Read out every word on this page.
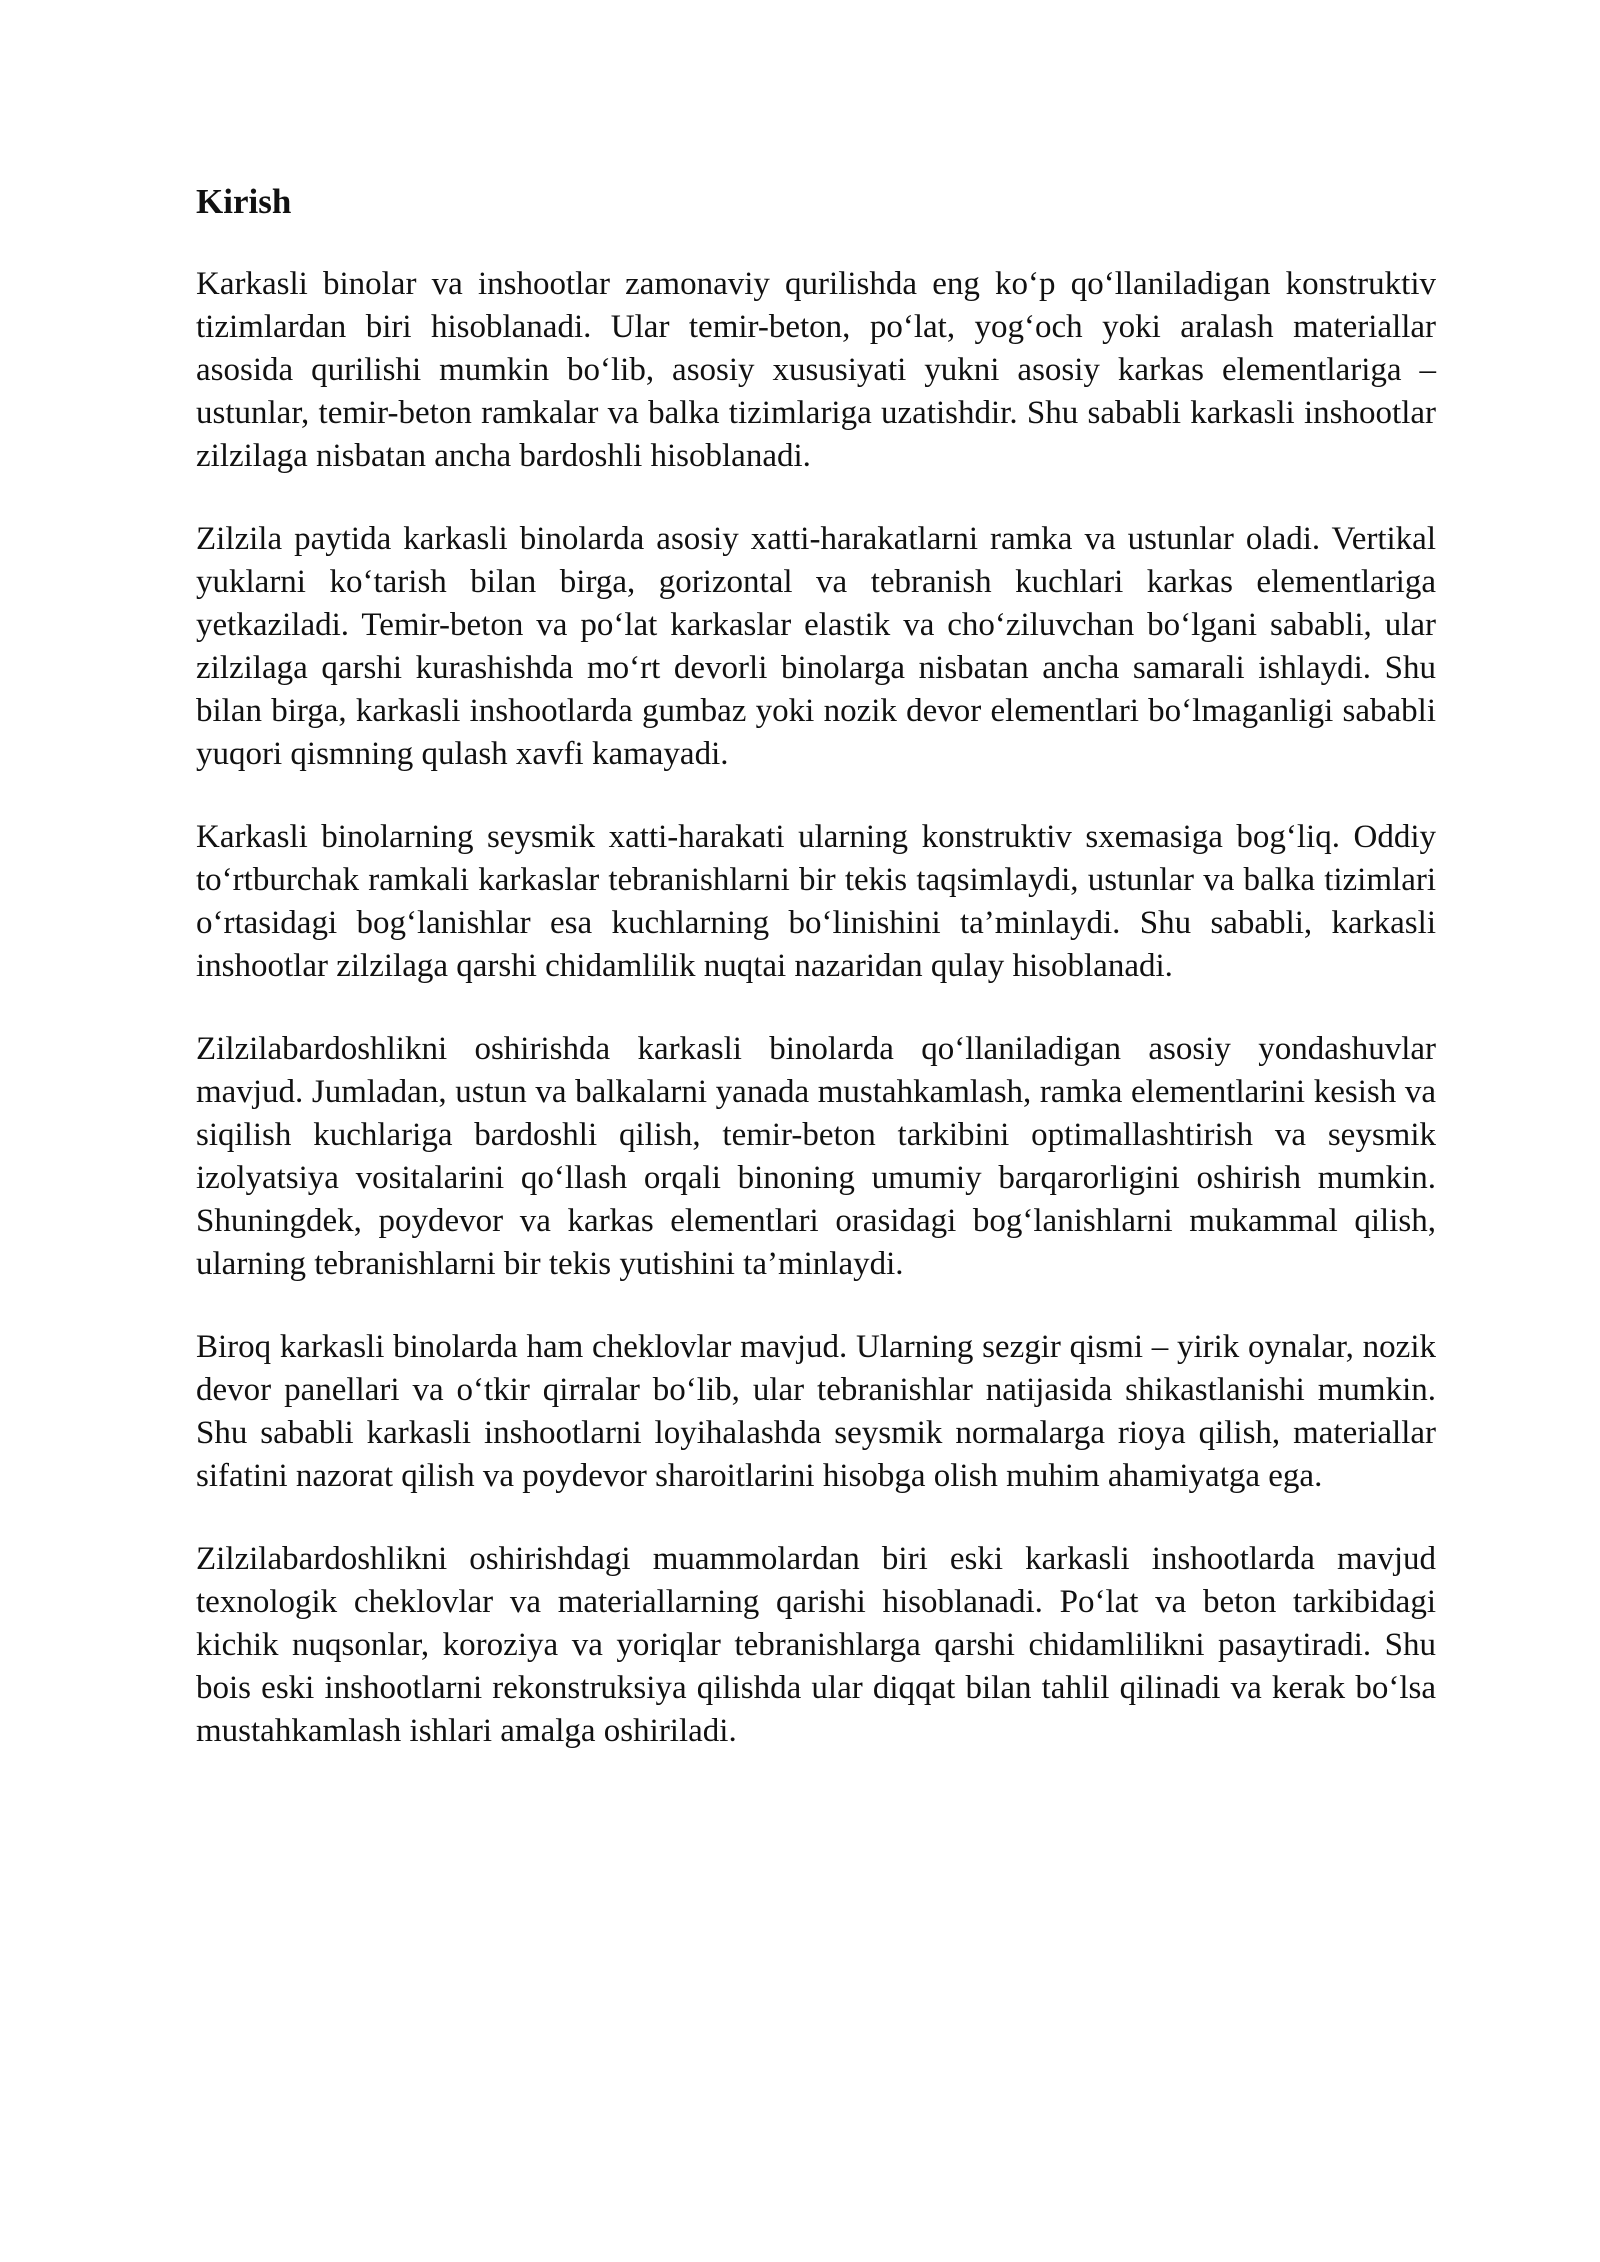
Kirish

Karkasli binolar va inshootlar zamonaviy qurilishda eng ko‘p qo‘llaniladigan konstruktiv tizimlardan biri hisoblanadi. Ular temir-beton, po‘lat, yog‘och yoki aralash materiallar asosida qurilishi mumkin bo‘lib, asosiy xususiyati yukni asosiy karkas elementlariga – ustunlar, temir-beton ramkalar va balka tizimlariga uzatishdir. Shu sababli karkasli inshootlar zilzilaga nisbatan ancha bardoshli hisoblanadi.

Zilzila paytida karkasli binolarda asosiy xatti-harakatlarni ramka va ustunlar oladi. Vertikal yuklarni ko‘tarish bilan birga, gorizontal va tebranish kuchlari karkas elementlariga yetkaziladi. Temir-beton va po‘lat karkaslar elastik va cho‘ziluvchan bo‘lgani sababli, ular zilzilaga qarshi kurashishda mo‘rt devorli binolarga nisbatan ancha samarali ishlaydi. Shu bilan birga, karkasli inshootlarda gumbaz yoki nozik devor elementlari bo‘lmaganligi sababli yuqori qismning qulash xavfi kamayadi.

Karkasli binolarning seysmik xatti-harakati ularning konstruktiv sxemasiga bog‘liq. Oddiy to‘rtburchak ramkali karkaslar tebranishlarni bir tekis taqsimlaydi, ustunlar va balka tizimlari o‘rtasidagi bog‘lanishlar esa kuchlarning bo‘linishini ta’minlaydi. Shu sababli, karkasli inshootlar zilzilaga qarshi chidamlilik nuqtai nazaridan qulay hisoblanadi.

Zilzilabardoshlikni oshirishda karkasli binolarda qo‘llaniladigan asosiy yondashuvlar mavjud. Jumladan, ustun va balkalarni yanada mustahkamlash, ramka elementlarini kesish va siqilish kuchlariga bardoshli qilish, temir-beton tarkibini optimallashtirish va seysmik izolyatsiya vositalarini qo‘llash orqali binoning umumiy barqarorligini oshirish mumkin. Shuningdek, poydevor va karkas elementlari orasidagi bog‘lanishlarni mukammal qilish, ularning tebranishlarni bir tekis yutishini ta’minlaydi.

Biroq karkasli binolarda ham cheklovlar mavjud. Ularning sezgir qismi – yirik oynalar, nozik devor panellari va o‘tkir qirralar bo‘lib, ular tebranishlar natijasida shikastlanishi mumkin. Shu sababli karkasli inshootlarni loyihalashda seysmik normalarga rioya qilish, materiallar sifatini nazorat qilish va poydevor sharoitlarini hisobga olish muhim ahamiyatga ega.

Zilzilabardoshlikni oshirishdagi muammolardan biri eski karkasli inshootlarda mavjud texnologik cheklovlar va materiallarning qarishi hisoblanadi. Po‘lat va beton tarkibidagi kichik nuqsonlar, koroziya va yoriqlar tebranishlarga qarshi chidamlilikni pasaytiradi. Shu bois eski inshootlarni rekonstruksiya qilishda ular diqqat bilan tahlil qilinadi va kerak bo‘lsa mustahkamlash ishlari amalga oshiriladi.
